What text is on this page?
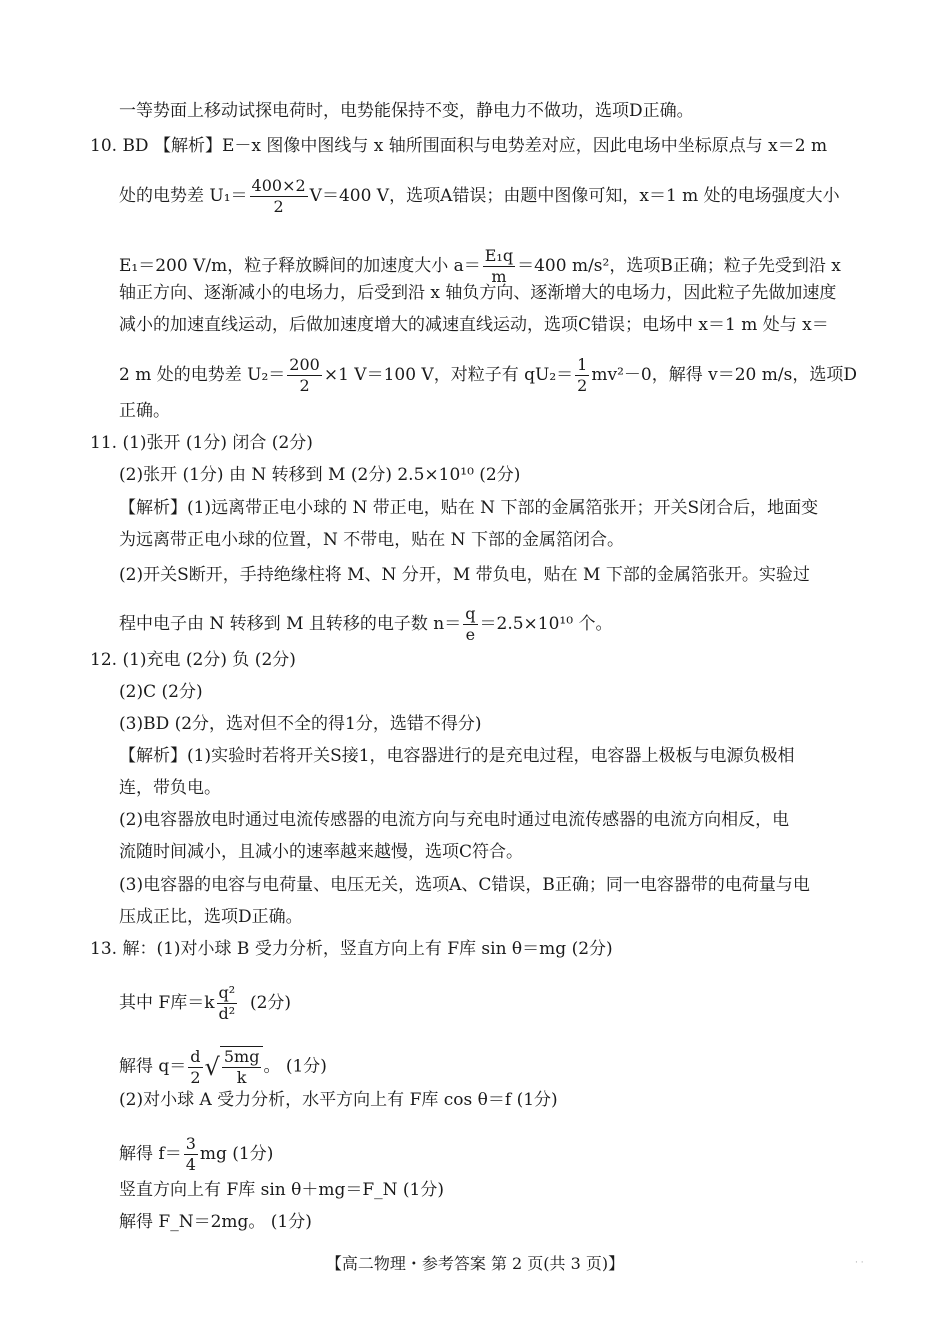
一等势面上移动试探电荷时，电势能保持不变，静电力不做功，选项D正确。
10. BD 【解析】E－x 图像中图线与 x 轴所围面积与电势差对应，因此电场中坐标原点与 x＝2 m
处的电势差 $U_1= \frac{400\times 2}{2} V=400$ V，选项A错误；由题中图像可知，x＝1 m 处的电场强度大小
E₁＝200 V/m，粒子释放瞬间的加速度大小 $a= \frac{\text{E₁q}}{m} =400$ m/s²，选项B正确；粒子先受到沿 x
轴正方向、逐渐减小的电场力，后受到沿 x 轴负方向、逐渐增大的电场力，因此粒子先做加速度
减小的加速直线运动，后做加速度增大的减速直线运动，选项C错误；电场中 x＝1 m 处与 x＝
2 m 处的电势差 $U_2= \frac{200}{2} \times 1$ V＝100 V，对粒子有 $qU_2= \frac{1}{2} mv^2-0$，解得 v＝20 m/s，选项D
正确。
11. (1)张开 (1分) 闭合 (2分)
(2)张开 (1分) 由 N 转移到 M (2分) 2.5×10¹⁰ (2分)
【解析】(1)远离带正电小球的 N 带正电，贴在 N 下部的金属箔张开；开关S闭合后，地面变
为远离带正电小球的位置，N 不带电，贴在 N 下部的金属箔闭合。
(2)开关S断开，手持绝缘柱将 M、N 分开，M 带负电，贴在 M 下部的金属箔张开。实验过
程中电子由 N 转移到 M 且转移的电子数 $n= \frac{q}{e} =2.5\times 10^{10}$ 个。
12. (1)充电 (2分) 负 (2分)
(2)C (2分)
(3)BD (2分，选对但不全的得1分，选错不得分)
【解析】(1)实验时若将开关S接1，电容器进行的是充电过程，电容器上极板与电源负极相
连，带负电。
(2)电容器放电时通过电流传感器的电流方向与充电时通过电流传感器的电流方向相反，电
流随时间减小，且减小的速率越来越慢，选项C符合。
(3)电容器的电容与电荷量、电压无关，选项A、C错误，B正确；同一电容器带的电荷量与电
压成正比，选项D正确。
13. 解：(1)对小球 B 受力分析，竖直方向上有 F库 sin θ＝mg (2分)
其中 F库$=k \frac{\text{q²}}{\text{d²}} (2$分)
解得 $q= \frac{d}{2}$ √ $\frac{5mg}{k}$ 。 (1分)
(2)对小球 A 受力分析，水平方向上有 F库 cos θ＝f (1分)
解得 $f= \frac{3}{4}$ mg (1分)
竖直方向上有 F库 sin θ＋mg＝F_N (1分)
解得 F_N＝2mg。 (1分)
【高二物理・参考答案 第 2 页(共 3 页)】	· ·
